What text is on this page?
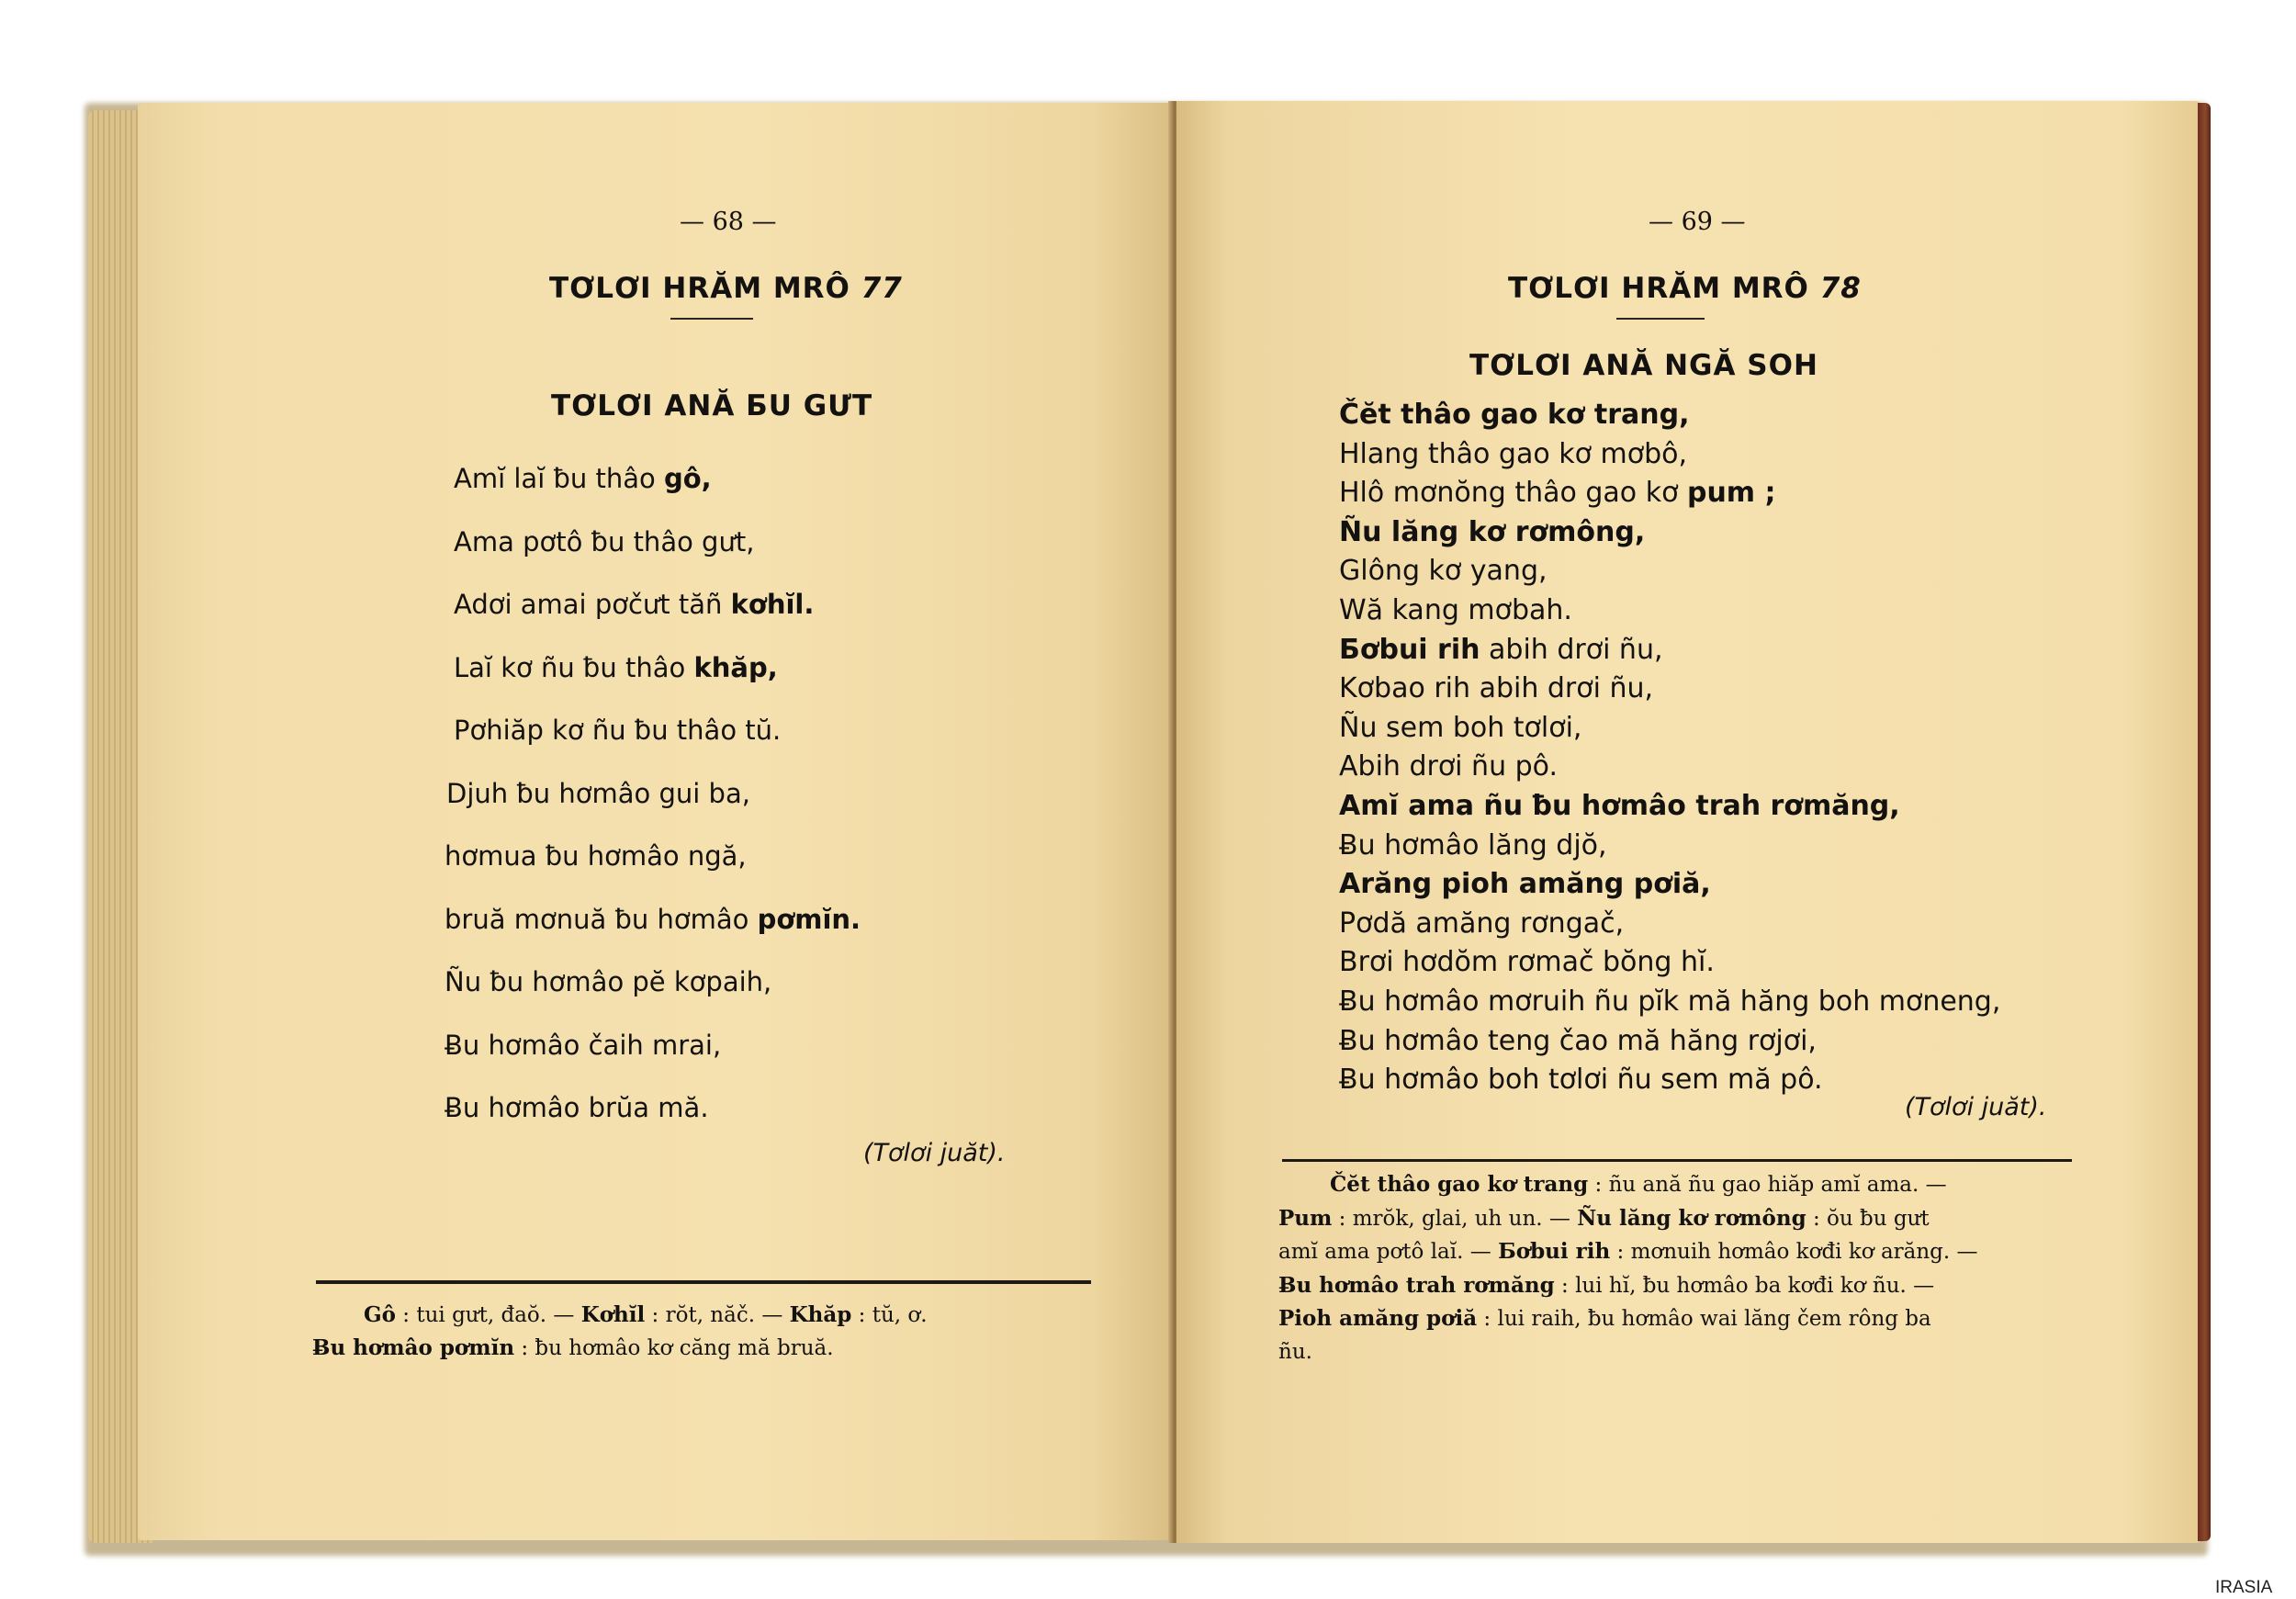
— 68 —
TƠLƠI HRĂM MRÔ 77
TƠLƠI ANĂ ƂU GƯT
Amĭ laĭ ƀu thâo gô,
Ama pơtô ƀu thâo gưt,
Adơi amai pơčưt tăñ kơhĭl.
Laĭ kơ ñu ƀu thâo khăp,
Pơhiăp kơ ñu ƀu thâo tŭ.
Djuh ƀu hơmâo gui ba,
hơmua ƀu hơmâo ngă,
bruă mơnuă ƀu hơmâo pơmĭn.
Ñu ƀu hơmâo pĕ kơpaih,
Ƀu hơmâo čaih mrai,
Ƀu hơmâo brŭa mă.
(Tơlơi juăt).
Gô : tui gưt, đaŏ. — Kơhĭl : rŏt, năč. — Khăp : tŭ, ơ.
Ƀu hơmâo pơmĭn : ƀu hơmâo kơ căng mă bruă.
— 69 —
TƠLƠI HRĂM MRÔ 78
TƠLƠI ANĂ NGĂ SOH
Čĕt thâo gao kơ trang,
Hlang thâo gao kơ mơbô,
Hlô mơnŏng thâo gao kơ pum ;
Ñu lăng kơ rơmông,
Glông kơ yang,
Wă kang mơbah.
Ƃơbui rih abih drơi ñu,
Kơbao rih abih drơi ñu,
Ñu sem boh tơlơi,
Abih drơi ñu pô.
Amĭ ama ñu ƀu hơmâo trah rơmăng,
Ƀu hơmâo lăng djŏ,
Arăng pioh amăng pơiă,
Pơdă amăng rơngač,
Brơi hơdŏm rơmač bŏng hĭ.
Ƀu hơmâo mơruih ñu pĭk mă hăng boh mơneng,
Ƀu hơmâo teng čao mă hăng rơjơi,
Ƀu hơmâo boh tơlơi ñu sem mă pô.
(Tơlơi juăt).
Čĕt thâo gao kơ trang : ñu ană ñu gao hiăp amĭ ama. —
Pum : mrŏk, glai, uh un. — Ñu lăng kơ rơmông : ŏu ƀu gưt
amĭ ama pơtô laĭ. — Ƃơbui rih : mơnuih hơmâo kơđi kơ arăng. —
Ƀu hơmâo trah rơmăng : lui hĭ, ƀu hơmâo ba kơđi kơ ñu. —
Pioh amăng pơiă : lui raih, ƀu hơmâo wai lăng čem rông ba
ñu.
IRASIA
